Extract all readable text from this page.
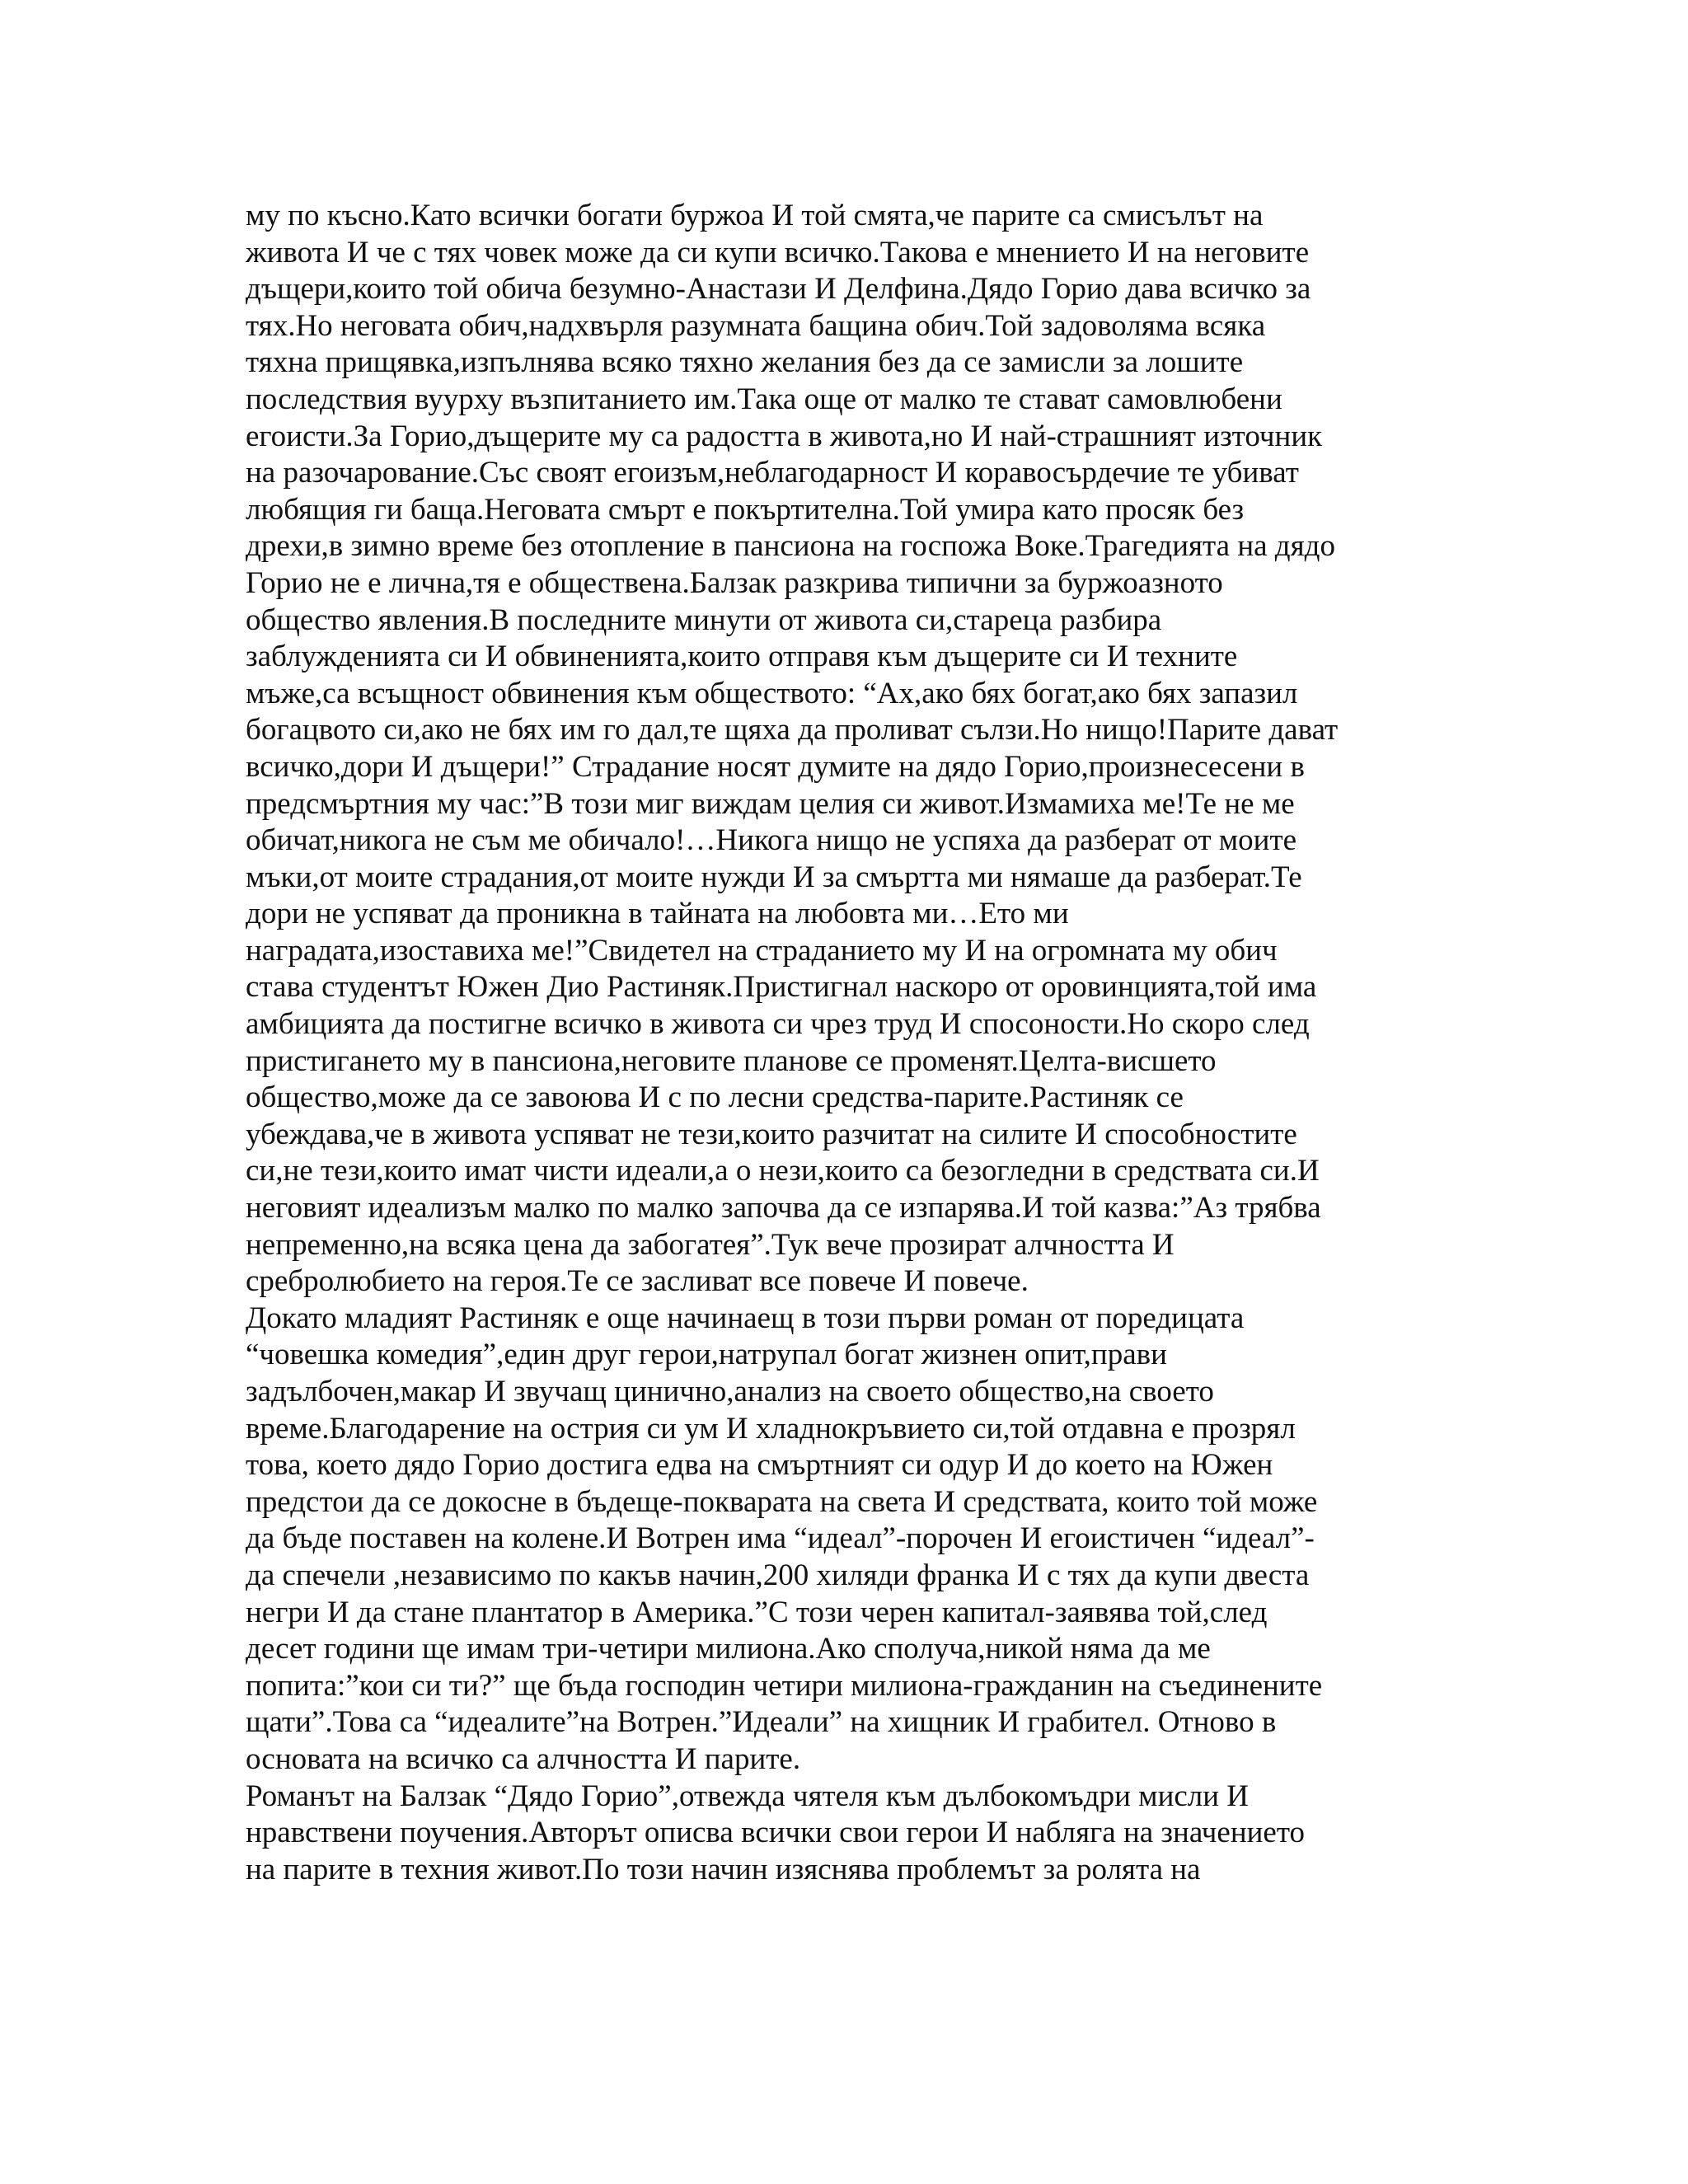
му по късно.Като всички богати буржоа И той смята,че парите са смисълът на
живота И че с тях човек може да си купи всичко.Такова е мнението И на неговите
дъщери,които той обича безумно-Анастази И Делфина.Дядо Горио дава всичко за
тях.Но неговата обич,надхвърля разумната бащина обич.Той задоволяма всяка
тяхна прищявка,изпълнява всяко тяхно желания без да се замисли за лошите
последствия вуурху възпитанието им.Така още от малко те стават самовлюбени
егоисти.За Горио,дъщерите му са радостта в живота,но И най-страшният източник
на разочарование.Със своят егоизъм,неблагодарност И коравосърдечие те убиват
любящия ги баща.Неговата смърт е покъртителна.Той умира като просяк без
дрехи,в зимно време без отопление в пансиона на госпожа Воке.Трагедията на дядо
Горио не е лична,тя е обществена.Балзак разкрива типични за буржоазното
общество явления.В последните минути от живота си,стареца разбира
заблужденията си И обвиненията,които отправя към дъщерите си И техните
мъже,са всъщност обвинения към обществото: “Ах,ако бях богат,ако бях запазил
богацвото си,ако не бях им го дал,те щяха да проливат сълзи.Но нищо!Парите дават
всичко,дори И дъщери!” Страдание носят думите на дядо Горио,произнесесени в
предсмъртния му час:”В този миг виждам целия си живот.Измамиха ме!Те не ме
обичат,никога не съм ме обичало!…Никога нищо не успяха да разберат от моите
мъки,от моите страдания,от моите нужди И за смъртта ми нямаше да разберат.Те
дори не успяват да проникна в тайната на любовта ми…Ето ми
наградата,изоставиха ме!”Свидетел на страданието му И на огромната му обич
става студентът Южен Дио Растиняк.Пристигнал наскоро от оровинцията,той има
амбицията да постигне всичко в живота си чрез труд И спосоности.Но скоро след
пристигането му в пансиона,неговите планове се променят.Целта-висшето
общество,може да се завоюва И с по лесни средства-парите.Растиняк се
убеждава,че в живота успяват не тези,които разчитат на силите И способностите
си,не тези,които имат чисти идеали,а о нези,които са безогледни в средствата си.И
неговият идеализъм малко по малко започва да се изпарява.И той казва:”Аз трябва
непременно,на всяка цена да забогатея”.Тук вече прозират алчността И
сребролюбието на героя.Те се засливат все повече И повече.
Докато младият Растиняк е още начинаещ в този първи роман от поредицата
“човешка комедия”,един друг герои,натрупал богат жизнен опит,прави
задълбочен,макар И звучащ цинично,анализ на своето общество,на своето
време.Благодарение на острия си ум И хладнокръвието си,той отдавна е прозрял
това, което дядо Горио достига едва на смъртният си одур И до което на Южен
предстои да се докосне в бъдеще-покварата на света И средствата, които той може
да бъде поставен на колене.И Вотрен има “идеал”-порочен И егоистичен “идеал”-
да спечели ,независимо по какъв начин,200 хиляди франка И с тях да купи двеста
негри И да стане плантатор в Америка.”С този черен капитал-заявява той,след
десет години ще имам три-четири милиона.Ако сполуча,никой няма да ме
попита:”кои си ти?” ще бъда господин четири милиона-гражданин на съединените
щати”.Това са “идеалите”на Вотрен.”Идеали” на хищник И грабител. Отново в
основата на всичко са алчността И парите.
Романът на Балзак “Дядо Горио”,отвежда чятеля към дълбокомъдри мисли И
нравствени поучения.Авторът описва всички свои герои И набляга на значението
на парите в техния живот.По този начин изяснява проблемът за ролята на
